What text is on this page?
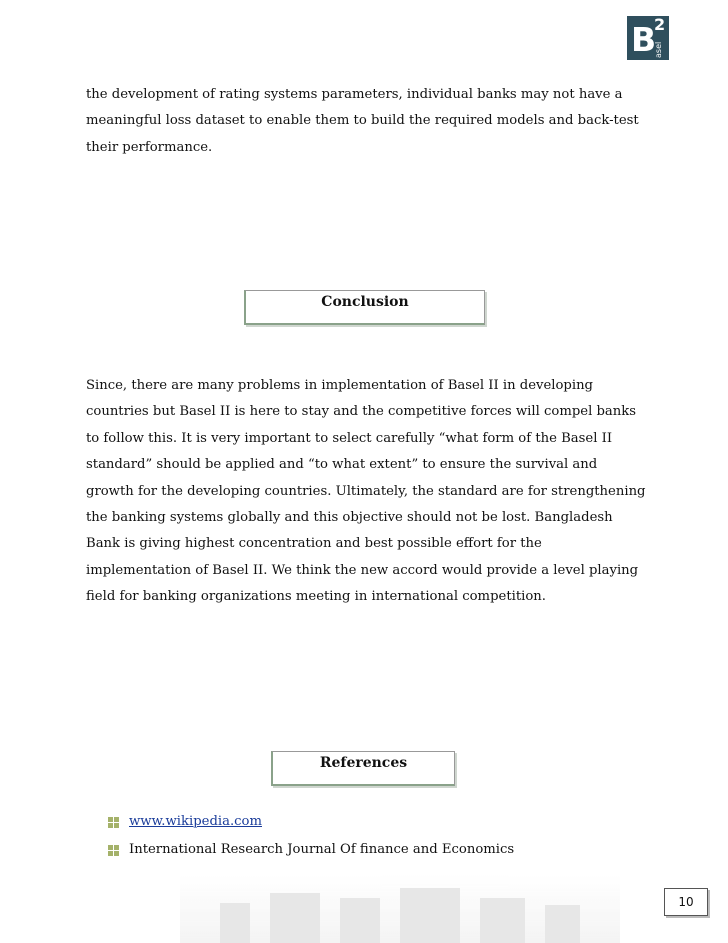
B
2
asel

the development of rating systems parameters, individual banks may not have a meaningful loss dataset to enable them to build the required models and back-test their performance.

Conclusion

Since, there are many problems in implementation of Basel II in developing countries but Basel II is here to stay and the competitive forces will compel banks to follow this. It is very important to select carefully “what form of the Basel II standard” should be applied and “to what extent” to ensure the survival and growth for the developing countries. Ultimately, the standard are for strengthening the banking systems globally and this objective should not be lost. Bangladesh Bank is giving highest concentration and best possible effort for the implementation of Basel II. We think the new accord would provide a level playing field for banking organizations meeting in international competition.

References
www.wikipedia.com
International Research Journal Of finance and Economics
10
